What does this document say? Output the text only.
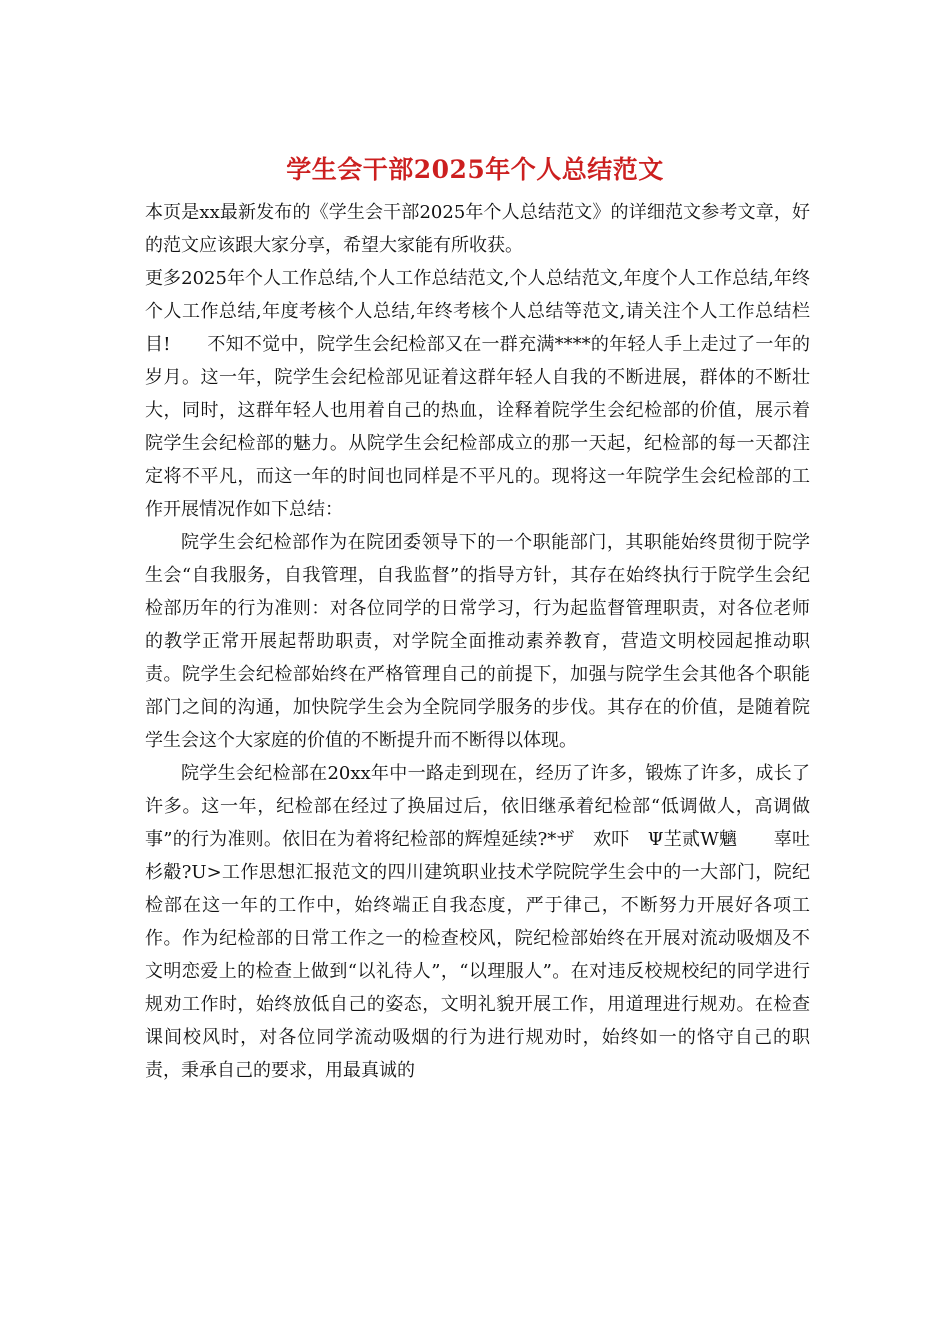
学生会干部2025年个人总结范文

本页是xx最新发布的《学生会干部2025年个人总结范文》的详细范文参考文章，好的范文应该跟大家分享，希望大家能有所收获。

更多2025年个人工作总结,个人工作总结范文,个人总结范文,年度个人工作总结,年终个人工作总结,年度考核个人总结,年终考核个人总结等范文,请关注个人工作总结栏目!　　不知不觉中，院学生会纪检部又在一群充满****的年轻人手上走过了一年的岁月。这一年，院学生会纪检部见证着这群年轻人自我的不断进展，群体的不断壮大，同时，这群年轻人也用着自己的热血，诠释着院学生会纪检部的价值，展示着院学生会纪检部的魅力。从院学生会纪检部成立的那一天起，纪检部的每一天都注定将不平凡，而这一年的时间也同样是不平凡的。现将这一年院学生会纪检部的工作开展情况作如下总结：

院学生会纪检部作为在院团委领导下的一个职能部门，其职能始终贯彻于院学生会“自我服务，自我管理，自我监督”的指导方针，其存在始终执行于院学生会纪检部历年的行为准则：对各位同学的日常学习，行为起监督管理职责，对各位老师的教学正常开展起帮助职责，对学院全面推动素养教育，营造文明校园起推动职责。院学生会纪检部始终在严格管理自己的前提下，加强与院学生会其他各个职能部门之间的沟通，加快院学生会为全院同学服务的步伐。其存在的价值，是随着院学生会这个大家庭的价值的不断提升而不断得以体现。

院学生会纪检部在20xx年中一路走到现在，经历了许多，锻炼了许多，成长了许多。这一年，纪检部在经过了换届过后，依旧继承着纪检部“低调做人，高调做事”的行为准则。依旧在为着将纪检部的辉煌延续?*ザ　欢吓　Ψ芏贰W魑　　辜吐杉觳?U>工作思想汇报范文的四川建筑职业技术学院院学生会中的一大部门，院纪检部在这一年的工作中，始终端正自我态度，严于律己，不断努力开展好各项工作。作为纪检部的日常工作之一的检查校风，院纪检部始终在开展对流动吸烟及不文明恋爱上的检查上做到“以礼待人”，“以理服人”。在对违反校规校纪的同学进行规劝工作时，始终放低自己的姿态，文明礼貌开展工作，用道理进行规劝。在检查课间校风时，对各位同学流动吸烟的行为进行规劝时，始终如一的恪守自己的职责，秉承自己的要求，用最真诚的
